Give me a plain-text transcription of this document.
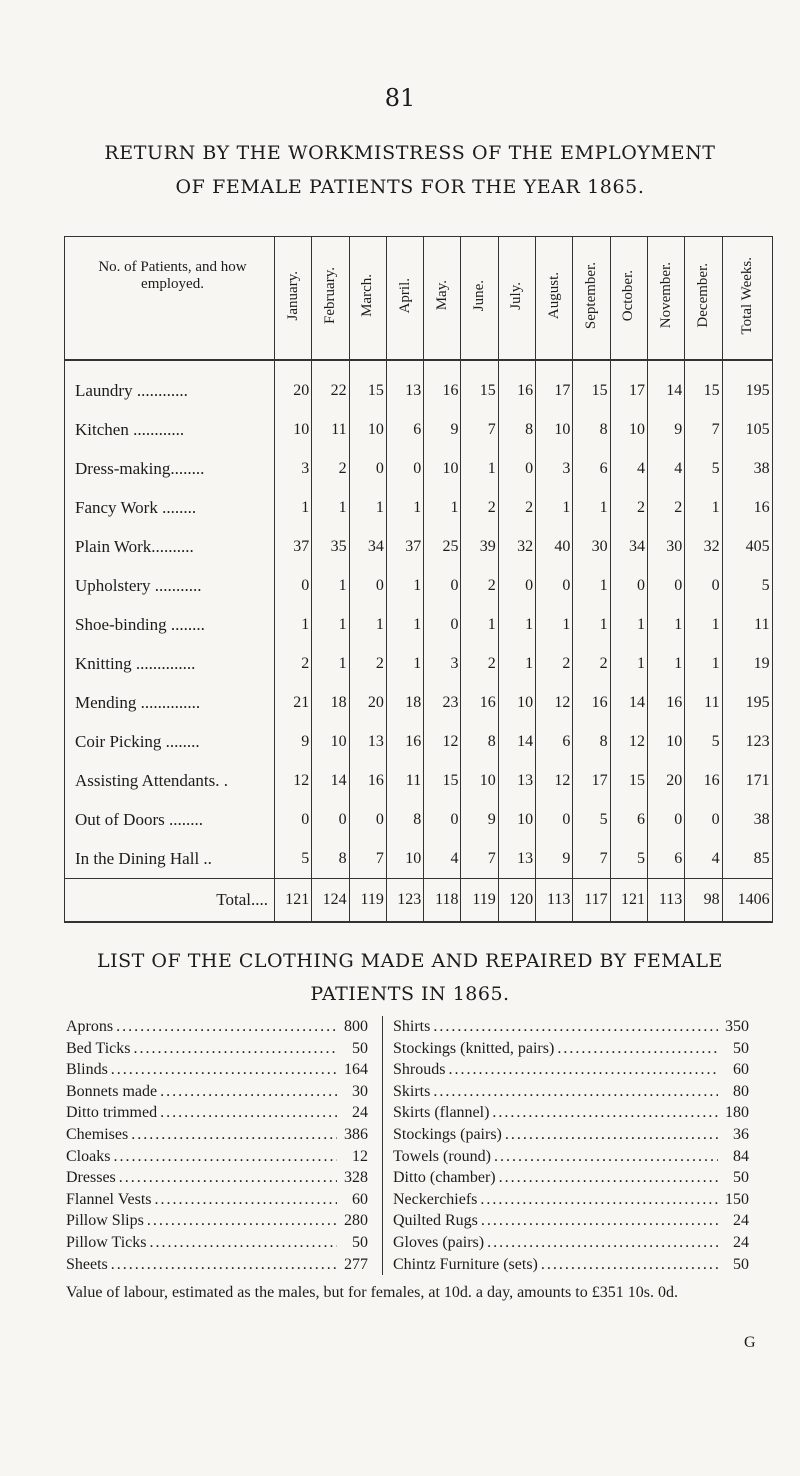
81
RETURN BY THE WORKMISTRESS OF THE EMPLOYMENT
OF FEMALE PATIENTS FOR THE YEAR 1865.
No. of Patients, and how employed.	January.	February.	March.	April.	May.	June.	July.	August.	September.	October.	November.	December.	Total Weeks.
Laundry ............	20	22	15	13	16	15	16	17	15	17	14	15	195
Kitchen ............	10	11	10	6	9	7	8	10	8	10	9	7	105
Dress-making........	3	2	0	0	10	1	0	3	6	4	4	5	38
Fancy Work ........	1	1	1	1	1	2	2	1	1	2	2	1	16
Plain Work..........	37	35	34	37	25	39	32	40	30	34	30	32	405
Upholstery ...........	0	1	0	1	0	2	0	0	1	0	0	0	5
Shoe-binding ........	1	1	1	1	0	1	1	1	1	1	1	1	11
Knitting ..............	2	1	2	1	3	2	1	2	2	1	1	1	19
Mending ..............	21	18	20	18	23	16	10	12	16	14	16	11	195
Coir Picking ........	9	10	13	16	12	8	14	6	8	12	10	5	123
Assisting Attendants. .	12	14	16	11	15	10	13	12	17	15	20	16	171
Out of Doors ........	0	0	0	8	0	9	10	0	5	6	0	0	38
In the Dining Hall ..	5	8	7	10	4	7	13	9	7	5	6	4	85
Total....	121	124	119	123	118	119	120	113	117	121	113	98	1406
LIST OF THE CLOTHING MADE AND REPAIRED BY FEMALE
PATIENTS IN 1865.
Aprons .....	800
Bed Ticks .....	50
Blinds .....	164
Bonnets made .....	30
Ditto trimmed .....	24
Chemises .....	386
Cloaks .....	12
Dresses .....	328
Flannel Vests .....	60
Pillow Slips .....	280
Pillow Ticks .....	50
Sheets .....	277
Shirts .....	350
Stockings (knitted, pairs) .....	50
Shrouds .....	60
Skirts .....	80
Skirts (flannel) .....	180
Stockings (pairs) .....	36
Towels (round) .....	84
Ditto (chamber) .....	50
Neckerchiefs .....	150
Quilted Rugs .....	24
Gloves (pairs) .....	24
Chintz Furniture (sets) .....	50
Value of labour, estimated as the males, but for females, at 10d. a day, amounts to £351 10s. 0d.
G
